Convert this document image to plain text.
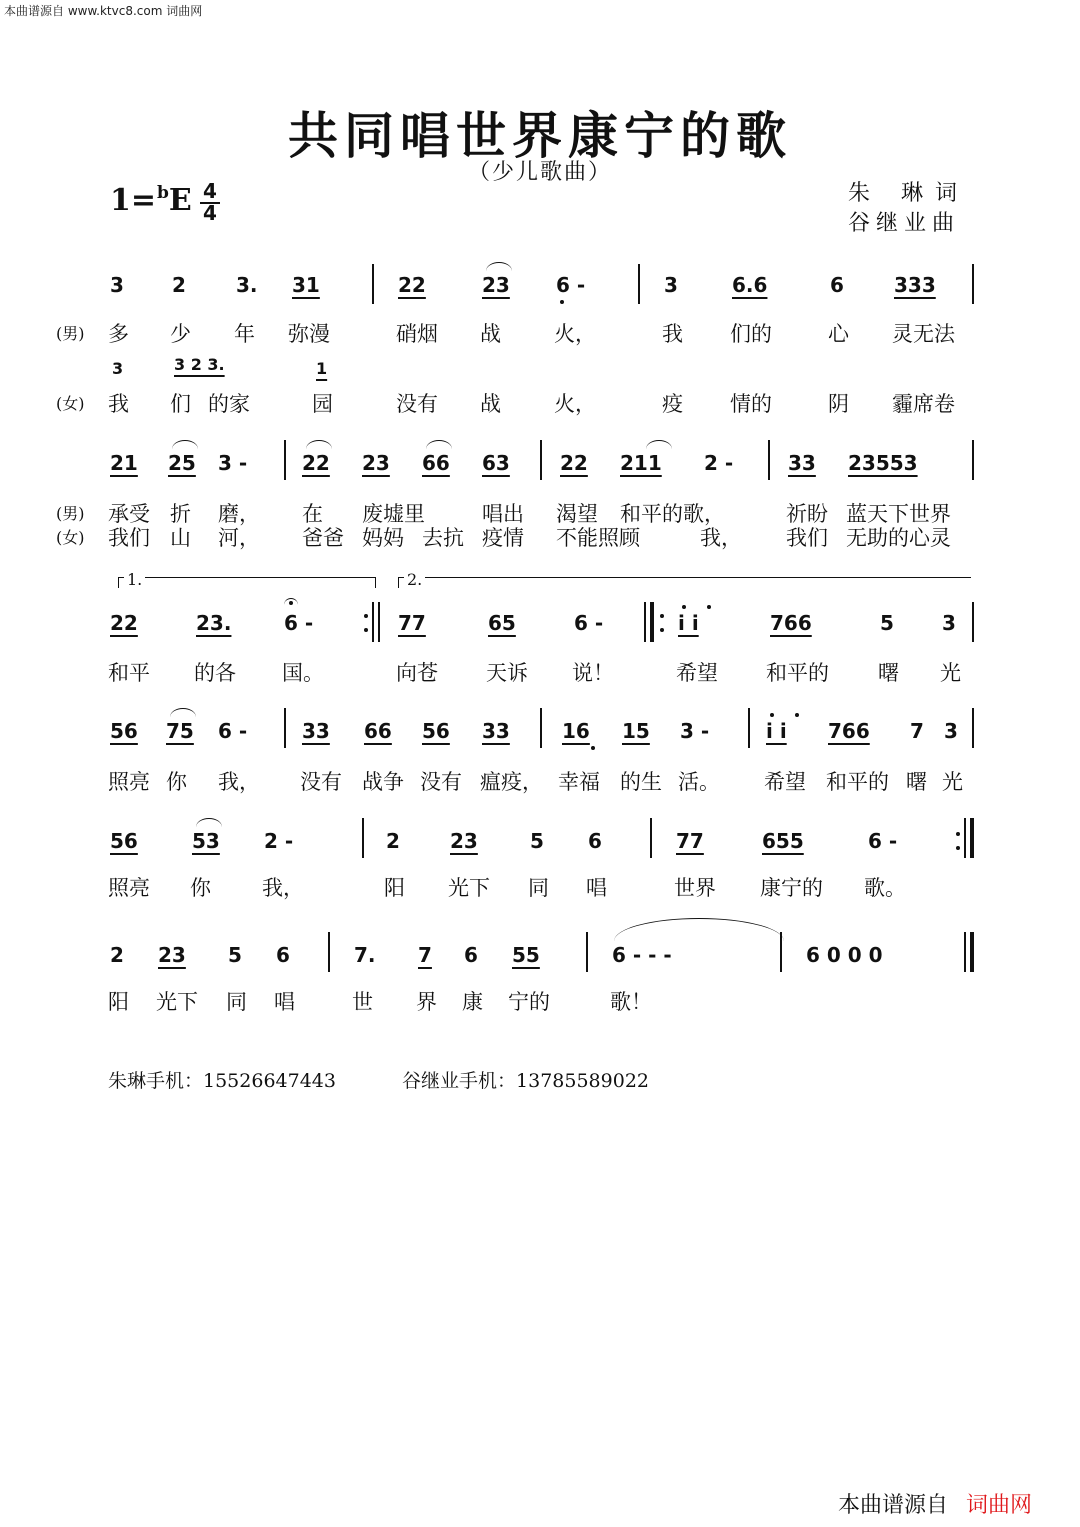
本曲谱源自 www.ktvc8.com 词曲网
共同唱世界康宁的歌
（少儿歌曲）
$1=^bE \frac{4}{4}$	朱 琳词
谷继业曲
3 2	3. 31	22	23 6 -	3	6.6	6	333
(男) 多 少 年 弥漫	硝烟 战	火，	我 们的	心 灵无法
3	3 2 3.	1
(女) 我 们 的家	园	没有 战	火，	疫 情的	阴 霾席卷
21 25 3 -	22 23 66 63	22 211 2 -	33 23553
(男) 承受 折 磨， 在 废墟里	唱出 渴望 和平的歌，	祈盼 蓝天下世界
(女) 我们 山 河， 爸爸 妈妈 去抗 疫情 不能照顾	我， 我们 无助的心灵
1.	2.
22	23.	6 -	77	65	6 -	i i	766	5 3
和平 的各 国。	向苍 天诉 说！	希望 和平的 曙 光
56 75 6 -	33 66 56 33	16 15 3 -	i i 766 7 3
照亮 你 我， 没有 战争 没有 瘟疫， 幸福 的生 活。 希望 和平的 曙 光
56	53 2 -	2	23	5 6	77	655	6 -
照亮 你 我，	阳 光下 同 唱	世界 康宁的 歌。
2 23 5 6	7. 7 6 55	6 - - -	6 0 0 0
阳 光下 同 唱	世 界 康 宁的	歌！
朱琳手机：15526647443	谷继业手机：13785589022
本曲谱源自 词曲网
